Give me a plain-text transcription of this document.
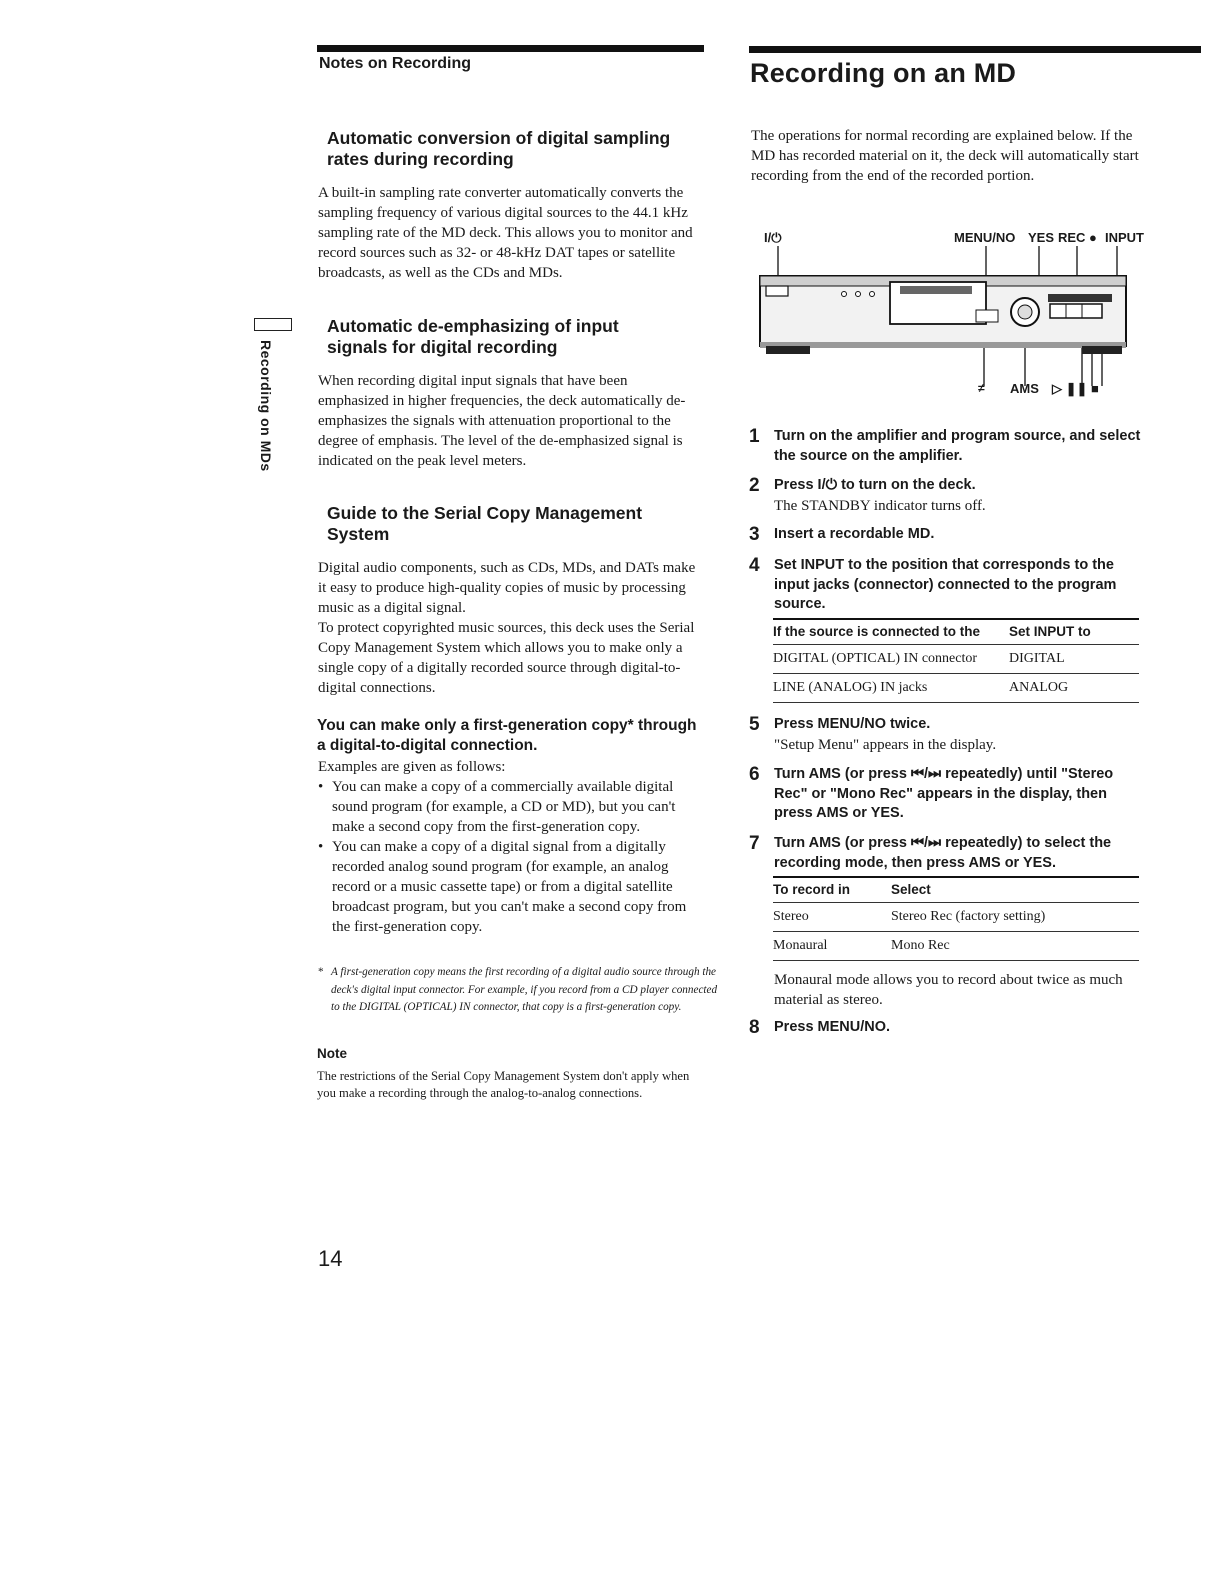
Notes on Recording
Automatic conversion of digital sampling rates during recording

A built-in sampling rate converter automatically converts the sampling frequency of various digital sources to the 44.1 kHz sampling rate of the MD deck. This allows you to monitor and record sources such as 32- or 48-kHz DAT tapes or satellite broadcasts, as well as the CDs and MDs.

Recording on MDs
Automatic de-emphasizing of input signals for digital recording

When recording digital input signals that have been emphasized in higher frequencies, the deck automatically de-emphasizes the signals with attenuation proportional to the degree of emphasis. The level of the de-emphasized signal is indicated on the peak level meters.

Guide to the Serial Copy Management System

Digital audio components, such as CDs, MDs, and DATs make it easy to produce high-quality copies of music by processing music as a digital signal.

To protect copyrighted music sources, this deck uses the Serial Copy Management System which allows you to make only a single copy of a digitally recorded source through digital-to-digital connections.

You can make only a first-generation copy* through a digital-to-digital connection.

Examples are given as follows:

• You can make a copy of a commercially available digital sound program (for example, a CD or MD), but you can't make a second copy from the first-generation copy.
• You can make a copy of a digital signal from a digitally recorded analog sound program (for example, an analog record or a music cassette tape) or from a digital satellite broadcast program, but you can't make a second copy from the first-generation copy.
* A first-generation copy means the first recording of a digital audio source through the deck's digital input connector. For example, if you record from a CD player connected to the DIGITAL (OPTICAL) IN connector, that copy is a first-generation copy.
Note

The restrictions of the Serial Copy Management System don't apply when you make a recording through the analog-to-analog connections.

14
Recording on an MD

The operations for normal recording are explained below. If the MD has recorded material on it, the deck will automatically start recording from the end of the recorded portion.

I/⏻	MENU/NO YES REC ● INPUT
≠ AMS ▷ ❚❚ ■
1 Turn on the amplifier and program source, and select the source on the amplifier.
2 Press I/⏻ to turn on the deck.
The STANDBY indicator turns off.
3 Insert a recordable MD.
4 Set INPUT to the position that corresponds to the input jacks (connector) connected to the program source.
If the source is connected to the	Set INPUT to
DIGITAL (OPTICAL) IN connector	DIGITAL
LINE (ANALOG) IN jacks	ANALOG
5 Press MENU/NO twice.
"Setup Menu" appears in the display.
6 Turn AMS (or press ⏮/⏭ repeatedly) until "Stereo Rec" or "Mono Rec" appears in the display, then press AMS or YES.
7 Turn AMS (or press ⏮/⏭ repeatedly) to select the recording mode, then press AMS or YES.
To record in	Select
Stereo	Stereo Rec (factory setting)
Monaural	Mono Rec

Monaural mode allows you to record about twice as much material as stereo.

8 Press MENU/NO.
